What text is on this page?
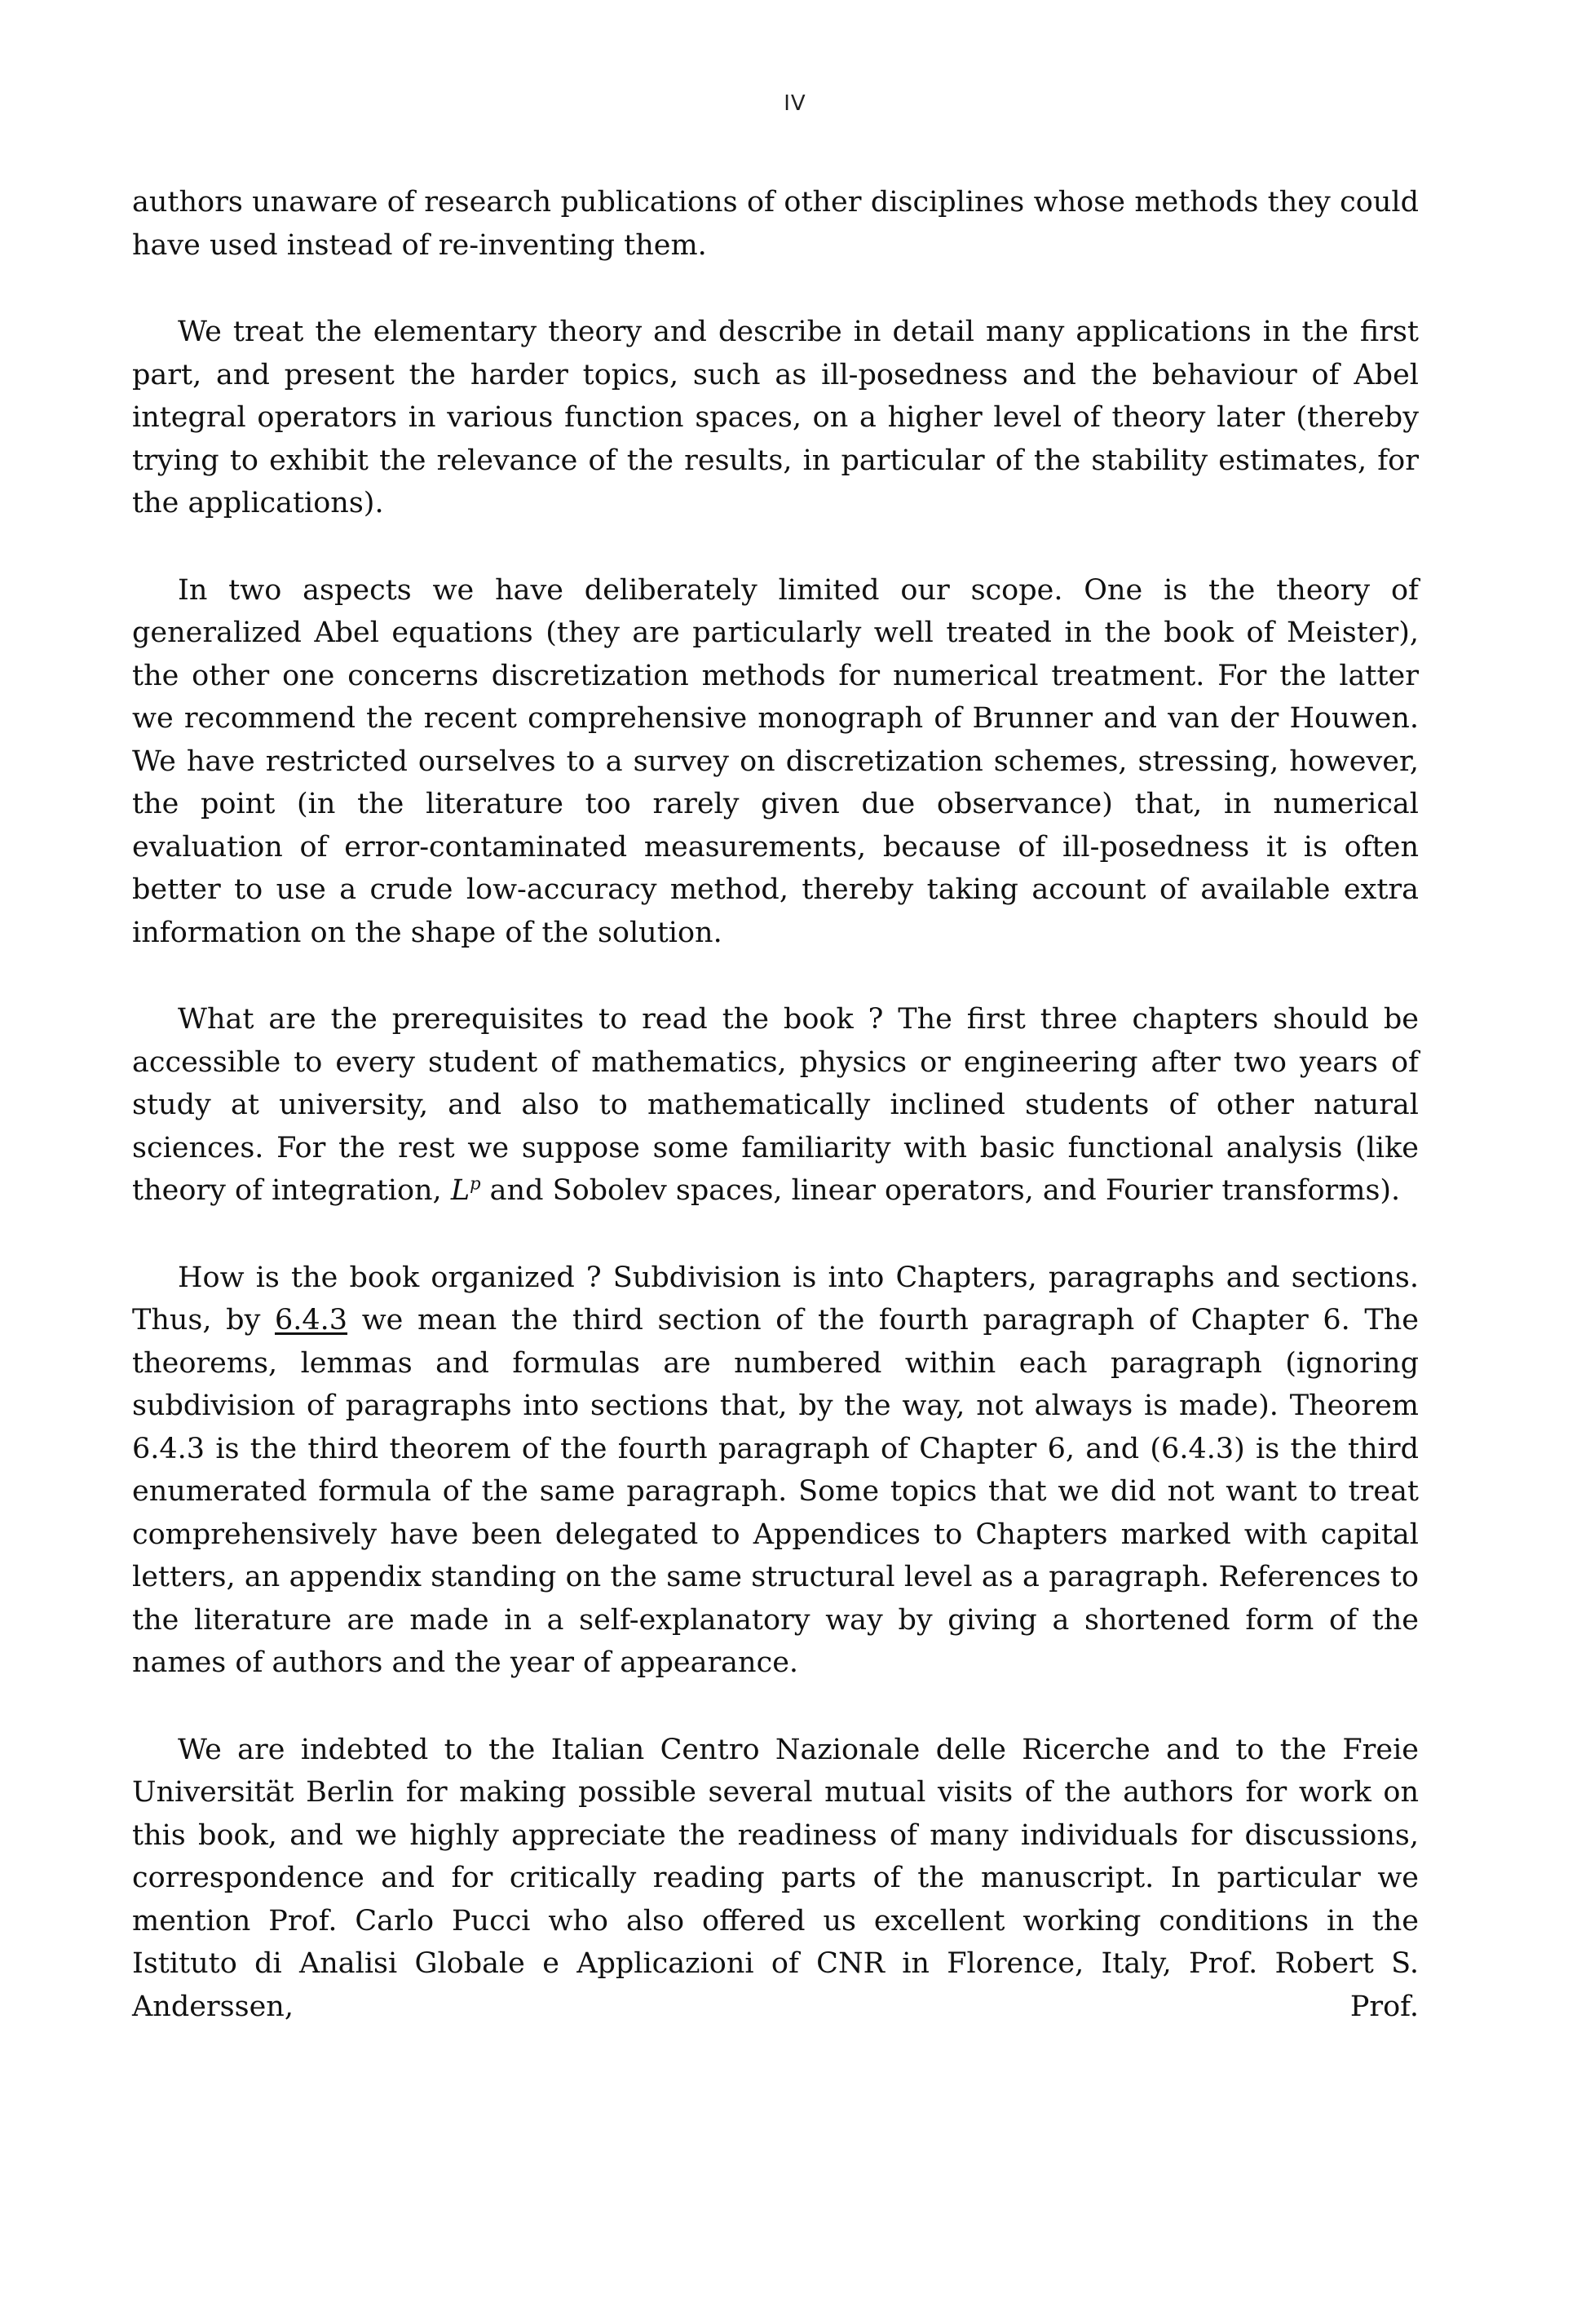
IV

authors unaware of research publications of other disciplines whose methods they could have used instead of re-inventing them.

We treat the elementary theory and describe in detail many applications in the first part, and present the harder topics, such as ill-posedness and the behaviour of Abel integral operators in various function spaces, on a higher level of theory later (thereby trying to exhibit the relevance of the results, in particular of the stability estimates, for the applications).

In two aspects we have deliberately limited our scope. One is the theory of generalized Abel equations (they are particularly well treated in the book of Meister), the other one concerns discretization methods for numerical treatment. For the latter we recommend the recent comprehensive monograph of Brunner and van der Houwen. We have restricted ourselves to a survey on discretization schemes, stressing, however, the point (in the literature too rarely given due observance) that, in numerical evaluation of error-contaminated measurements, because of ill-posedness it is often better to use a crude low-accuracy method, thereby taking account of available extra information on the shape of the solution.

What are the prerequisites to read the book ? The first three chapters should be accessible to every student of mathematics, physics or engineering after two years of study at university, and also to mathematically inclined students of other natural sciences. For the rest we suppose some familiarity with basic functional analysis (like theory of integration, $L^p$ and Sobolev spaces, linear operators, and Fourier transforms).

How is the book organized ? Subdivision is into Chapters, paragraphs and sections. Thus, by 6.4.3 we mean the third section of the fourth paragraph of Chapter 6. The theorems, lemmas and formulas are numbered within each paragraph (ignoring subdivision of paragraphs into sections that, by the way, not always is made). Theorem 6.4.3 is the third theorem of the fourth paragraph of Chapter 6, and (6.4.3) is the third enumerated formula of the same paragraph. Some topics that we did not want to treat comprehensively have been delegated to Appendices to Chapters marked with capital letters, an appendix standing on the same structural level as a paragraph. References to the literature are made in a self-explanatory way by giving a shortened form of the names of authors and the year of appearance.

We are indebted to the Italian Centro Nazionale delle Ricerche and to the Freie Universität Berlin for making possible several mutual visits of the authors for work on this book, and we highly appreciate the readiness of many individuals for discussions, correspondence and for critically reading parts of the manuscript. In particular we mention Prof. Carlo Pucci who also offered us excellent working conditions in the Istituto di Analisi Globale e Applicazioni of CNR in Florence, Italy, Prof. Robert S. Anderssen, Prof.
